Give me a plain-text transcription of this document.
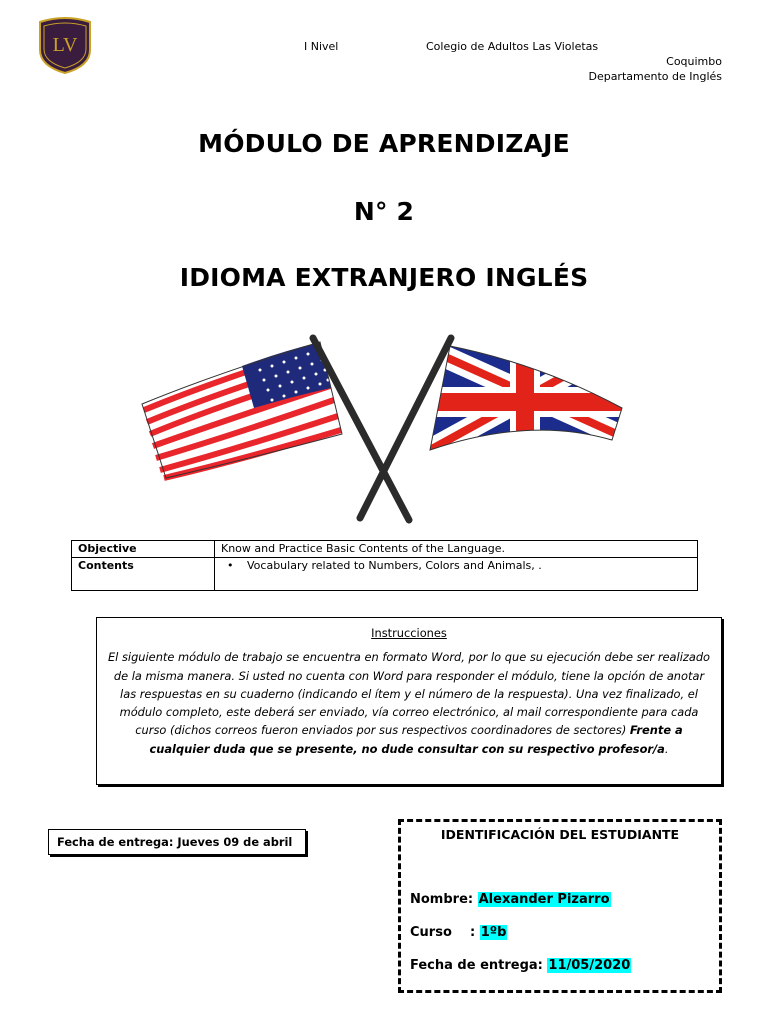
LV	I Nivel	Colegio de Adultos Las Violetas
Coquimbo
Departamento de Inglés
MÓDULO DE APRENDIZAJE
N° 2
IDIOMA EXTRANJERO INGLÉS
Objective	Know and Practice Basic Contents of the Language.
Contents	• Vocabulary related to Numbers, Colors and Animals, .
Instrucciones
El siguiente módulo de trabajo se encuentra en formato Word, por lo que su ejecución debe ser realizado de la misma manera. Si usted no cuenta con Word para responder el módulo, tiene la opción de anotar las respuestas en su cuaderno (indicando el ítem y el número de la respuesta). Una vez finalizado, el módulo completo, este deberá ser enviado, vía correo electrónico, al mail correspondiente para cada curso (dichos correos fueron enviados por sus respectivos coordinadores de sectores) Frente a cualquier duda que se presente, no dude consultar con su respectivo profesor/a.
Fecha de entrega: Jueves 09 de abril	IDENTIFICACIÓN DEL ESTUDIANTE
Nombre: Alexander Pizarro
Curso    : 1ºb
Fecha de entrega: 11/05/2020
